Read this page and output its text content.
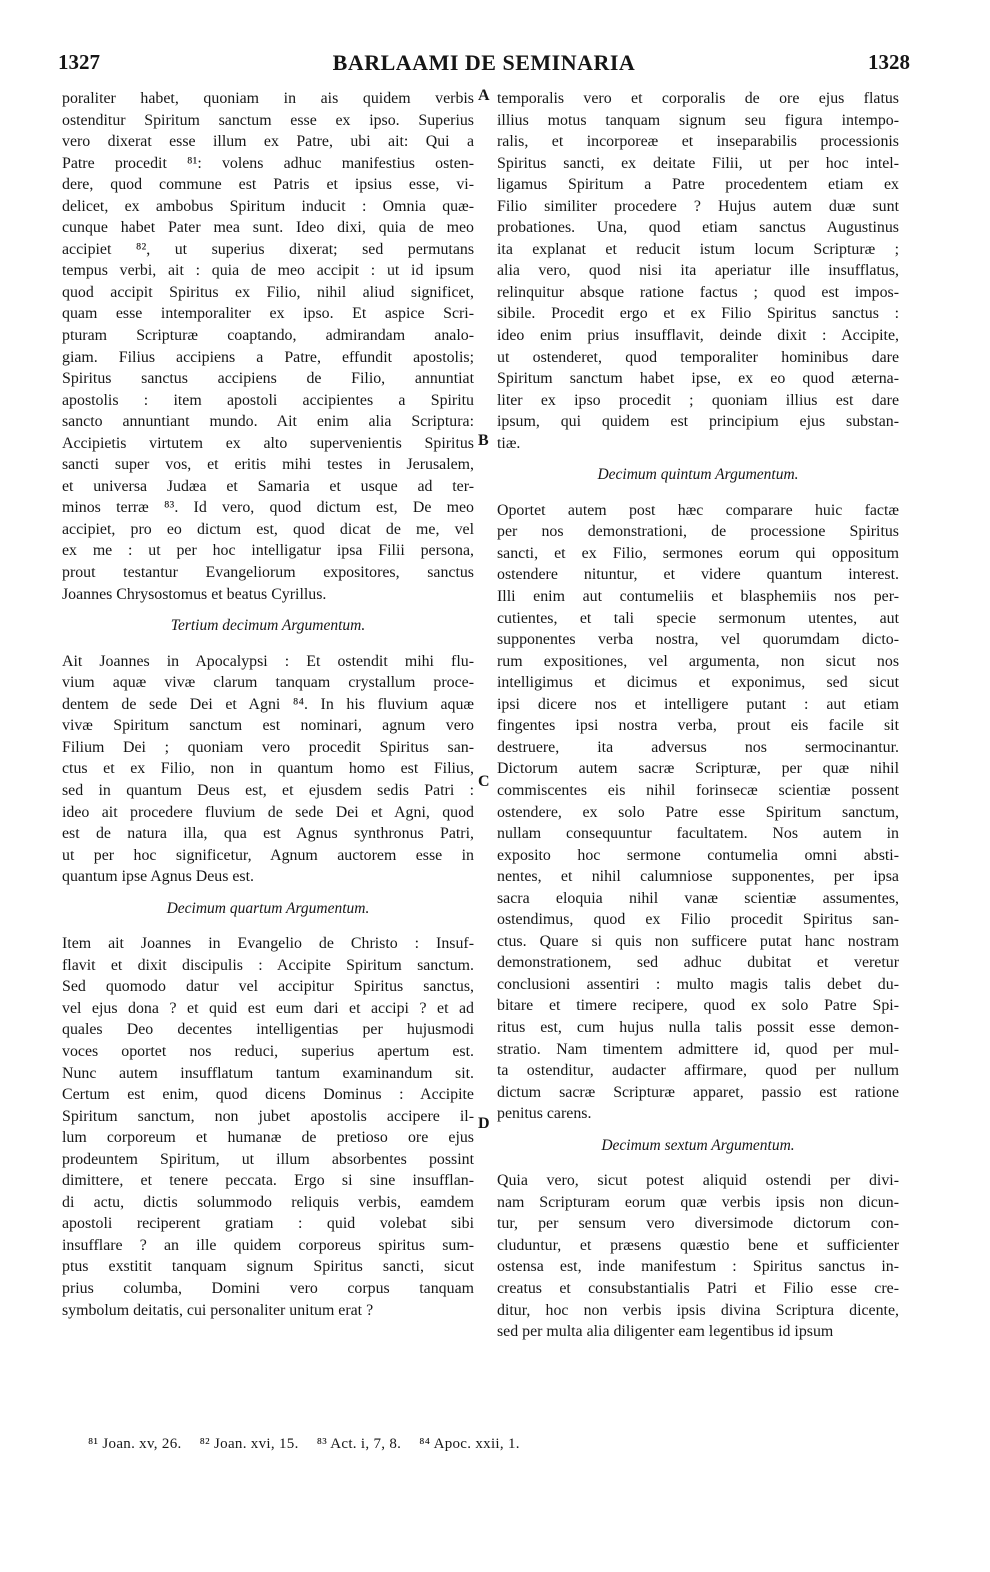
1327	BARLAAMI DE SEMINARIA	1328
A
B
C
D

poraliter habet, quoniam in ais quidem verbis
ostenditur Spiritum sanctum esse ex ipso. Superius
vero dixerat esse illum ex Patre, ubi ait: Qui a
Patre procedit ⁸¹: volens adhuc manifestius osten-
dere, quod commune est Patris et ipsius esse, vi-
delicet, ex ambobus Spiritum inducit : Omnia quæ-
cunque habet Pater mea sunt. Ideo dixi, quia de meo
accipiet ⁸², ut superius dixerat; sed permutans
tempus verbi, ait : quia de meo accipit : ut id ipsum
quod accipit Spiritus ex Filio, nihil aliud significet,
quam esse intemporaliter ex ipso. Et aspice Scri-
pturam Scripturæ coaptando, admirandam analo-
giam. Filius accipiens a Patre, effundit apostolis;
Spiritus sanctus accipiens de Filio, annuntiat
apostolis : item apostoli accipientes a Spiritu
sancto annuntiant mundo. Ait enim alia Scriptura:
Accipietis virtutem ex alto supervenientis Spiritus
sancti super vos, et eritis mihi testes in Jerusalem,
et universa Judæa et Samaria et usque ad ter-
minos terræ ⁸³. Id vero, quod dictum est, De meo
accipiet, pro eo dictum est, quod dicat de me, vel
ex me : ut per hoc intelligatur ipsa Filii persona,
prout testantur Evangeliorum expositores, sanctus
Joannes Chrysostomus et beatus Cyrillus.

Tertium decimum Argumentum.

Ait Joannes in Apocalypsi : Et ostendit mihi flu-
vium aquæ vivæ clarum tanquam crystallum proce-
dentem de sede Dei et Agni ⁸⁴. In his fluvium aquæ
vivæ Spiritum sanctum est nominari, agnum vero
Filium Dei ; quoniam vero procedit Spiritus san-
ctus et ex Filio, non in quantum homo est Filius,
sed in quantum Deus est, et ejusdem sedis Patri :
ideo ait procedere fluvium de sede Dei et Agni, quod
est de natura illa, qua est Agnus synthronus Patri,
ut per hoc significetur, Agnum auctorem esse in
quantum ipse Agnus Deus est.

Decimum quartum Argumentum.

Item ait Joannes in Evangelio de Christo : Insuf-
flavit et dixit discipulis : Accipite Spiritum sanctum.
Sed quomodo datur vel accipitur Spiritus sanctus,
vel ejus dona ? et quid est eum dari et accipi ? et ad
quales Deo decentes intelligentias per hujusmodi
voces oportet nos reduci, superius apertum est.
Nunc autem insufflatum tantum examinandum sit.
Certum est enim, quod dicens Dominus : Accipite
Spiritum sanctum, non jubet apostolis accipere il-
lum corporeum et humanæ de pretioso ore ejus
prodeuntem Spiritum, ut illum absorbentes possint
dimittere, et tenere peccata. Ergo si sine insufflan-
di actu, dictis solummodo reliquis verbis, eamdem
apostoli reciperent gratiam : quid volebat sibi
insufflare ? an ille quidem corporeus spiritus sum-
ptus exstitit tanquam signum Spiritus sancti, sicut
prius columba, Domini vero corpus tanquam
symbolum deitatis, cui personaliter unitum erat ?

temporalis vero et corporalis de ore ejus flatus
illius motus tanquam signum seu figura intempo-
ralis, et incorporeæ et inseparabilis processionis
Spiritus sancti, ex deitate Filii, ut per hoc intel-
ligamus Spiritum a Patre procedentem etiam ex
Filio similiter procedere ? Hujus autem duæ sunt
probationes. Una, quod etiam sanctus Augustinus
ita explanat et reducit istum locum Scripturæ ;
alia vero, quod nisi ita aperiatur ille insufflatus,
relinquitur absque ratione factus ; quod est impos-
sibile. Procedit ergo et ex Filio Spiritus sanctus :
ideo enim prius insufflavit, deinde dixit : Accipite,
ut ostenderet, quod temporaliter hominibus dare
Spiritum sanctum habet ipse, ex eo quod æterna-
liter ex ipso procedit ; quoniam illius est dare
ipsum, qui quidem est principium ejus substan-
tiæ.

Decimum quintum Argumentum.

Oportet autem post hæc comparare huic factæ
per nos demonstrationi, de processione Spiritus
sancti, et ex Filio, sermones eorum qui oppositum
ostendere nituntur, et videre quantum interest.
Illi enim aut contumeliis et blasphemiis nos per-
cutientes, et tali specie sermonum utentes, aut
supponentes verba nostra, vel quorumdam dicto-
rum expositiones, vel argumenta, non sicut nos
intelligimus et dicimus et exponimus, sed sicut
ipsi dicere nos et intelligere putant : aut etiam
fingentes ipsi nostra verba, prout eis facile sit
destruere, ita adversus nos sermocinantur.
Dictorum autem sacræ Scripturæ, per quæ nihil
commiscentes eis nihil forinsecæ scientiæ possent
ostendere, ex solo Patre esse Spiritum sanctum,
nullam consequuntur facultatem. Nos autem in
exposito hoc sermone contumelia omni absti-
nentes, et nihil calumniose supponentes, per ipsa
sacra eloquia nihil vanæ scientiæ assumentes,
ostendimus, quod ex Filio procedit Spiritus san-
ctus. Quare si quis non sufficere putat hanc nostram
demonstrationem, sed adhuc dubitat et veretur
conclusioni assentiri : multo magis talis debet du-
bitare et timere recipere, quod ex solo Patre Spi-
ritus est, cum hujus nulla talis possit esse demon-
stratio. Nam timentem admittere id, quod per mul-
ta ostenditur, audacter affirmare, quod per nullum
dictum sacræ Scripturæ apparet, passio est ratione
penitus carens.

Decimum sextum Argumentum.

Quia vero, sicut potest aliquid ostendi per divi-
nam Scripturam eorum quæ verbis ipsis non dicun-
tur, per sensum vero diversimode dictorum con-
cluduntur, et præsens quæstio bene et sufficienter
ostensa est, inde manifestum : Spiritus sanctus in-
creatus et consubstantialis Patri et Filio esse cre-
ditur, hoc non verbis ipsis divina Scriptura dicente,
sed per multa alia diligenter eam legentibus id ipsum

⁸¹ Joan. xv, 26. ⁸² Joan. xvi, 15. ⁸³ Act. i, 7, 8. ⁸⁴ Apoc. xxii, 1.
